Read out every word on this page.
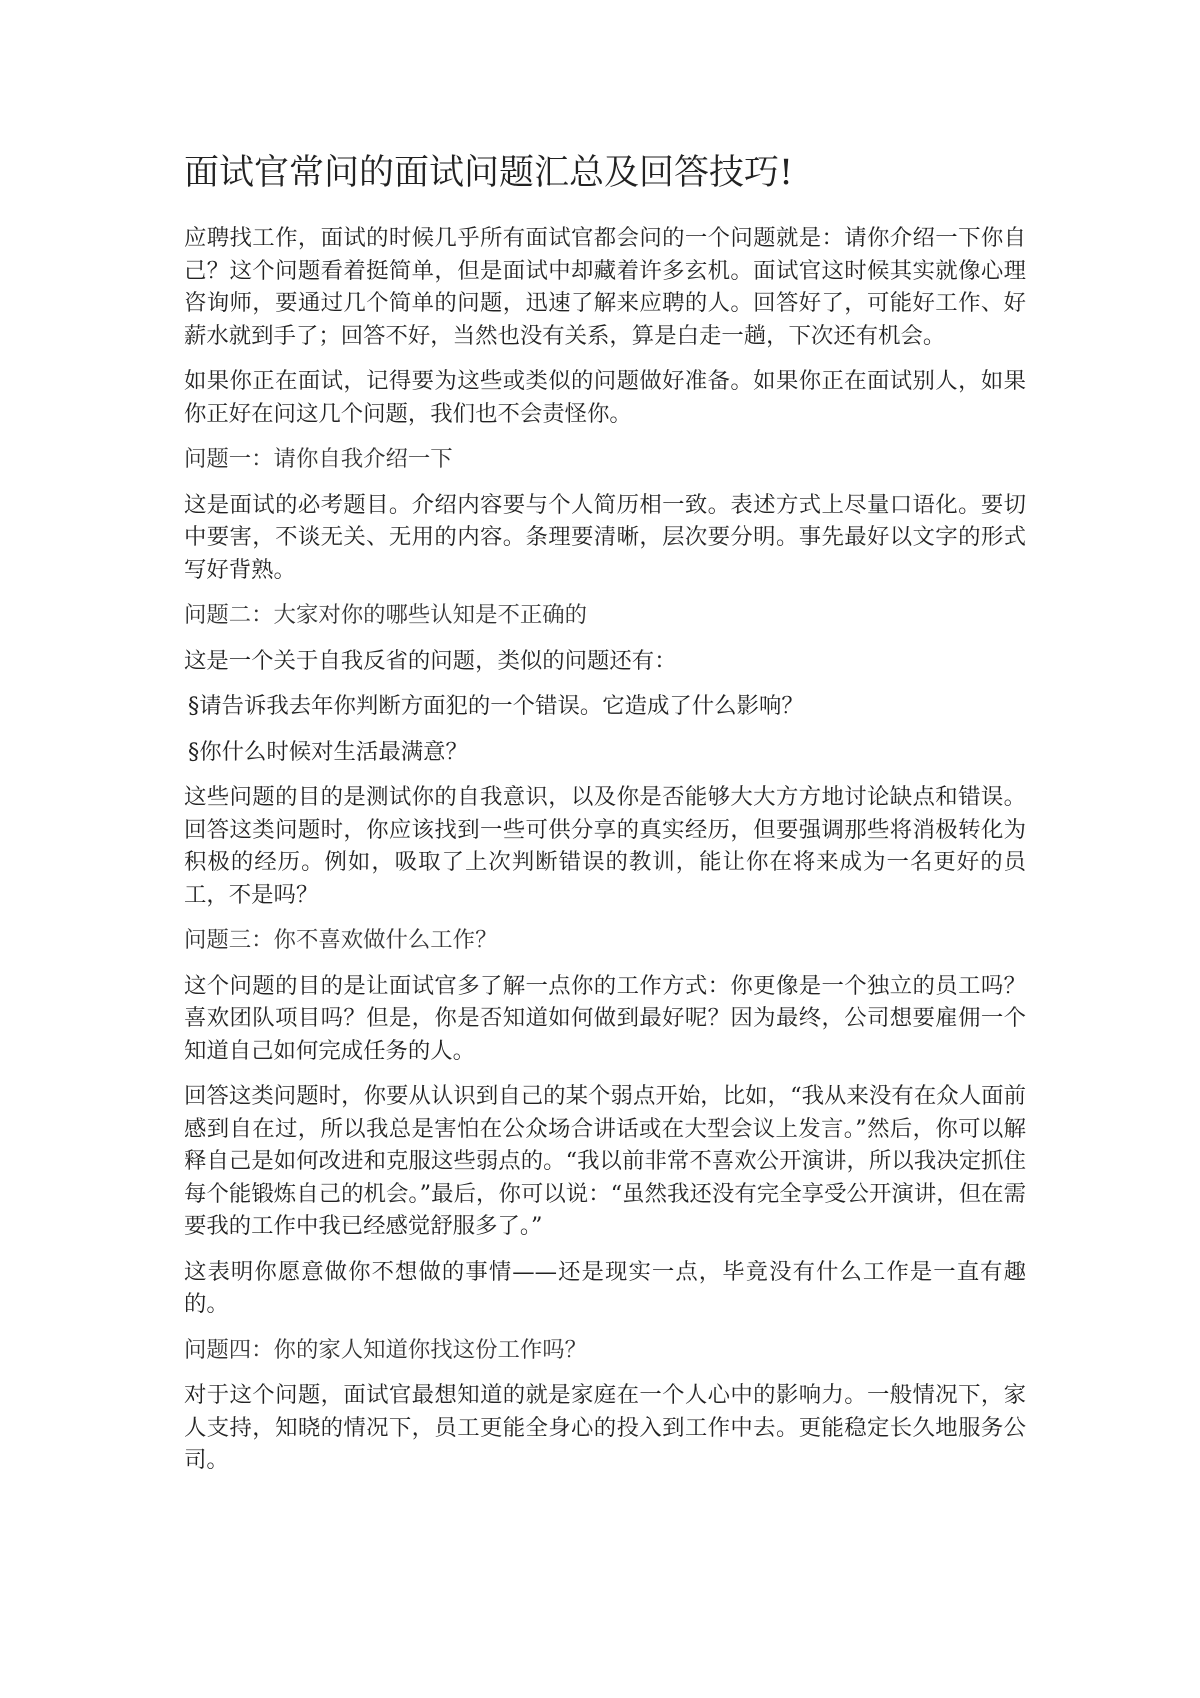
面试官常问的面试问题汇总及回答技巧!

应聘找工作，面试的时候几乎所有面试官都会问的一个问题就是：请你介绍一下你自己？这个问题看着挺简单，但是面试中却藏着许多玄机。面试官这时候其实就像心理咨询师，要通过几个简单的问题，迅速了解来应聘的人。回答好了，可能好工作、好薪水就到手了；回答不好，当然也没有关系，算是白走一趟，下次还有机会。

如果你正在面试，记得要为这些或类似的问题做好准备。如果你正在面试别人，如果你正好在问这几个问题，我们也不会责怪你。

问题一：请你自我介绍一下

这是面试的必考题目。介绍内容要与个人简历相一致。表述方式上尽量口语化。要切中要害，不谈无关、无用的内容。条理要清晰，层次要分明。事先最好以文字的形式写好背熟。

问题二：大家对你的哪些认知是不正确的

这是一个关于自我反省的问题，类似的问题还有：

§请告诉我去年你判断方面犯的一个错误。它造成了什么影响？

§你什么时候对生活最满意？

这些问题的目的是测试你的自我意识，以及你是否能够大大方方地讨论缺点和错误。回答这类问题时，你应该找到一些可供分享的真实经历，但要强调那些将消极转化为积极的经历。例如，吸取了上次判断错误的教训，能让你在将来成为一名更好的员工，不是吗？

问题三：你不喜欢做什么工作？

这个问题的目的是让面试官多了解一点你的工作方式：你更像是一个独立的员工吗？喜欢团队项目吗？但是，你是否知道如何做到最好呢？因为最终，公司想要雇佣一个知道自己如何完成任务的人。

回答这类问题时，你要从认识到自己的某个弱点开始，比如，“我从来没有在众人面前感到自在过，所以我总是害怕在公众场合讲话或在大型会议上发言。”然后，你可以解释自己是如何改进和克服这些弱点的。“我以前非常不喜欢公开演讲，所以我决定抓住每个能锻炼自己的机会。”最后，你可以说：“虽然我还没有完全享受公开演讲，但在需要我的工作中我已经感觉舒服多了。”

这表明你愿意做你不想做的事情——还是现实一点，毕竟没有什么工作是一直有趣的。

问题四：你的家人知道你找这份工作吗？

对于这个问题，面试官最想知道的就是家庭在一个人心中的影响力。一般情况下，家人支持，知晓的情况下，员工更能全身心的投入到工作中去。更能稳定长久地服务公司。
